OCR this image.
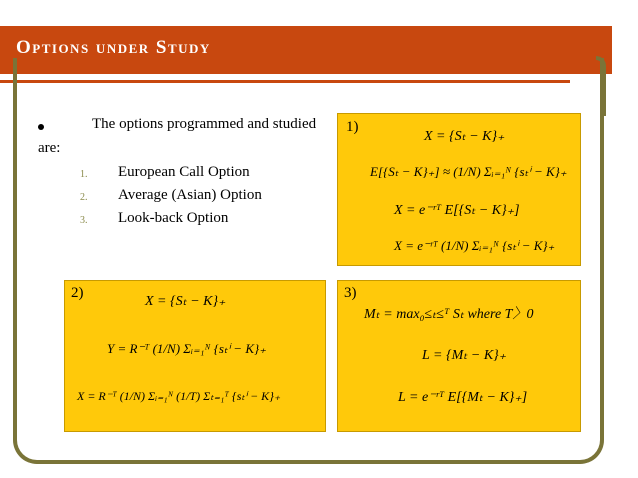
Options under Study
The options programmed and studied
are:
1. European Call Option
2. Average (Asian) Option
3. Look-back Option
1)
X = {Sₜ − K}₊
E[{Sₜ − K}₊] ≈ (1/N) Σᵢ₌₁ᴺ {sₜⁱ − K}₊
X = e⁻ʳᵀ E[{Sₜ − K}₊]
X = e⁻ʳᵀ (1/N) Σᵢ₌₁ᴺ {sₜⁱ − K}₊
2)
X = {Sₜ − K}₊
Y = R⁻ᵀ (1/N) Σᵢ₌₁ᴺ {sₜⁱ − K}₊
X = R⁻ᵀ (1/N) Σᵢ₌₁ᴺ (1/T) Σₜ₌₁ᵀ {sₜⁱ − K}₊
3)
Mₜ = max₀≤ₜ≤ᵀ Sₜ where T〉0
L = {Mₜ − K}₊
L = e⁻ʳᵀ E[{Mₜ − K}₊]
